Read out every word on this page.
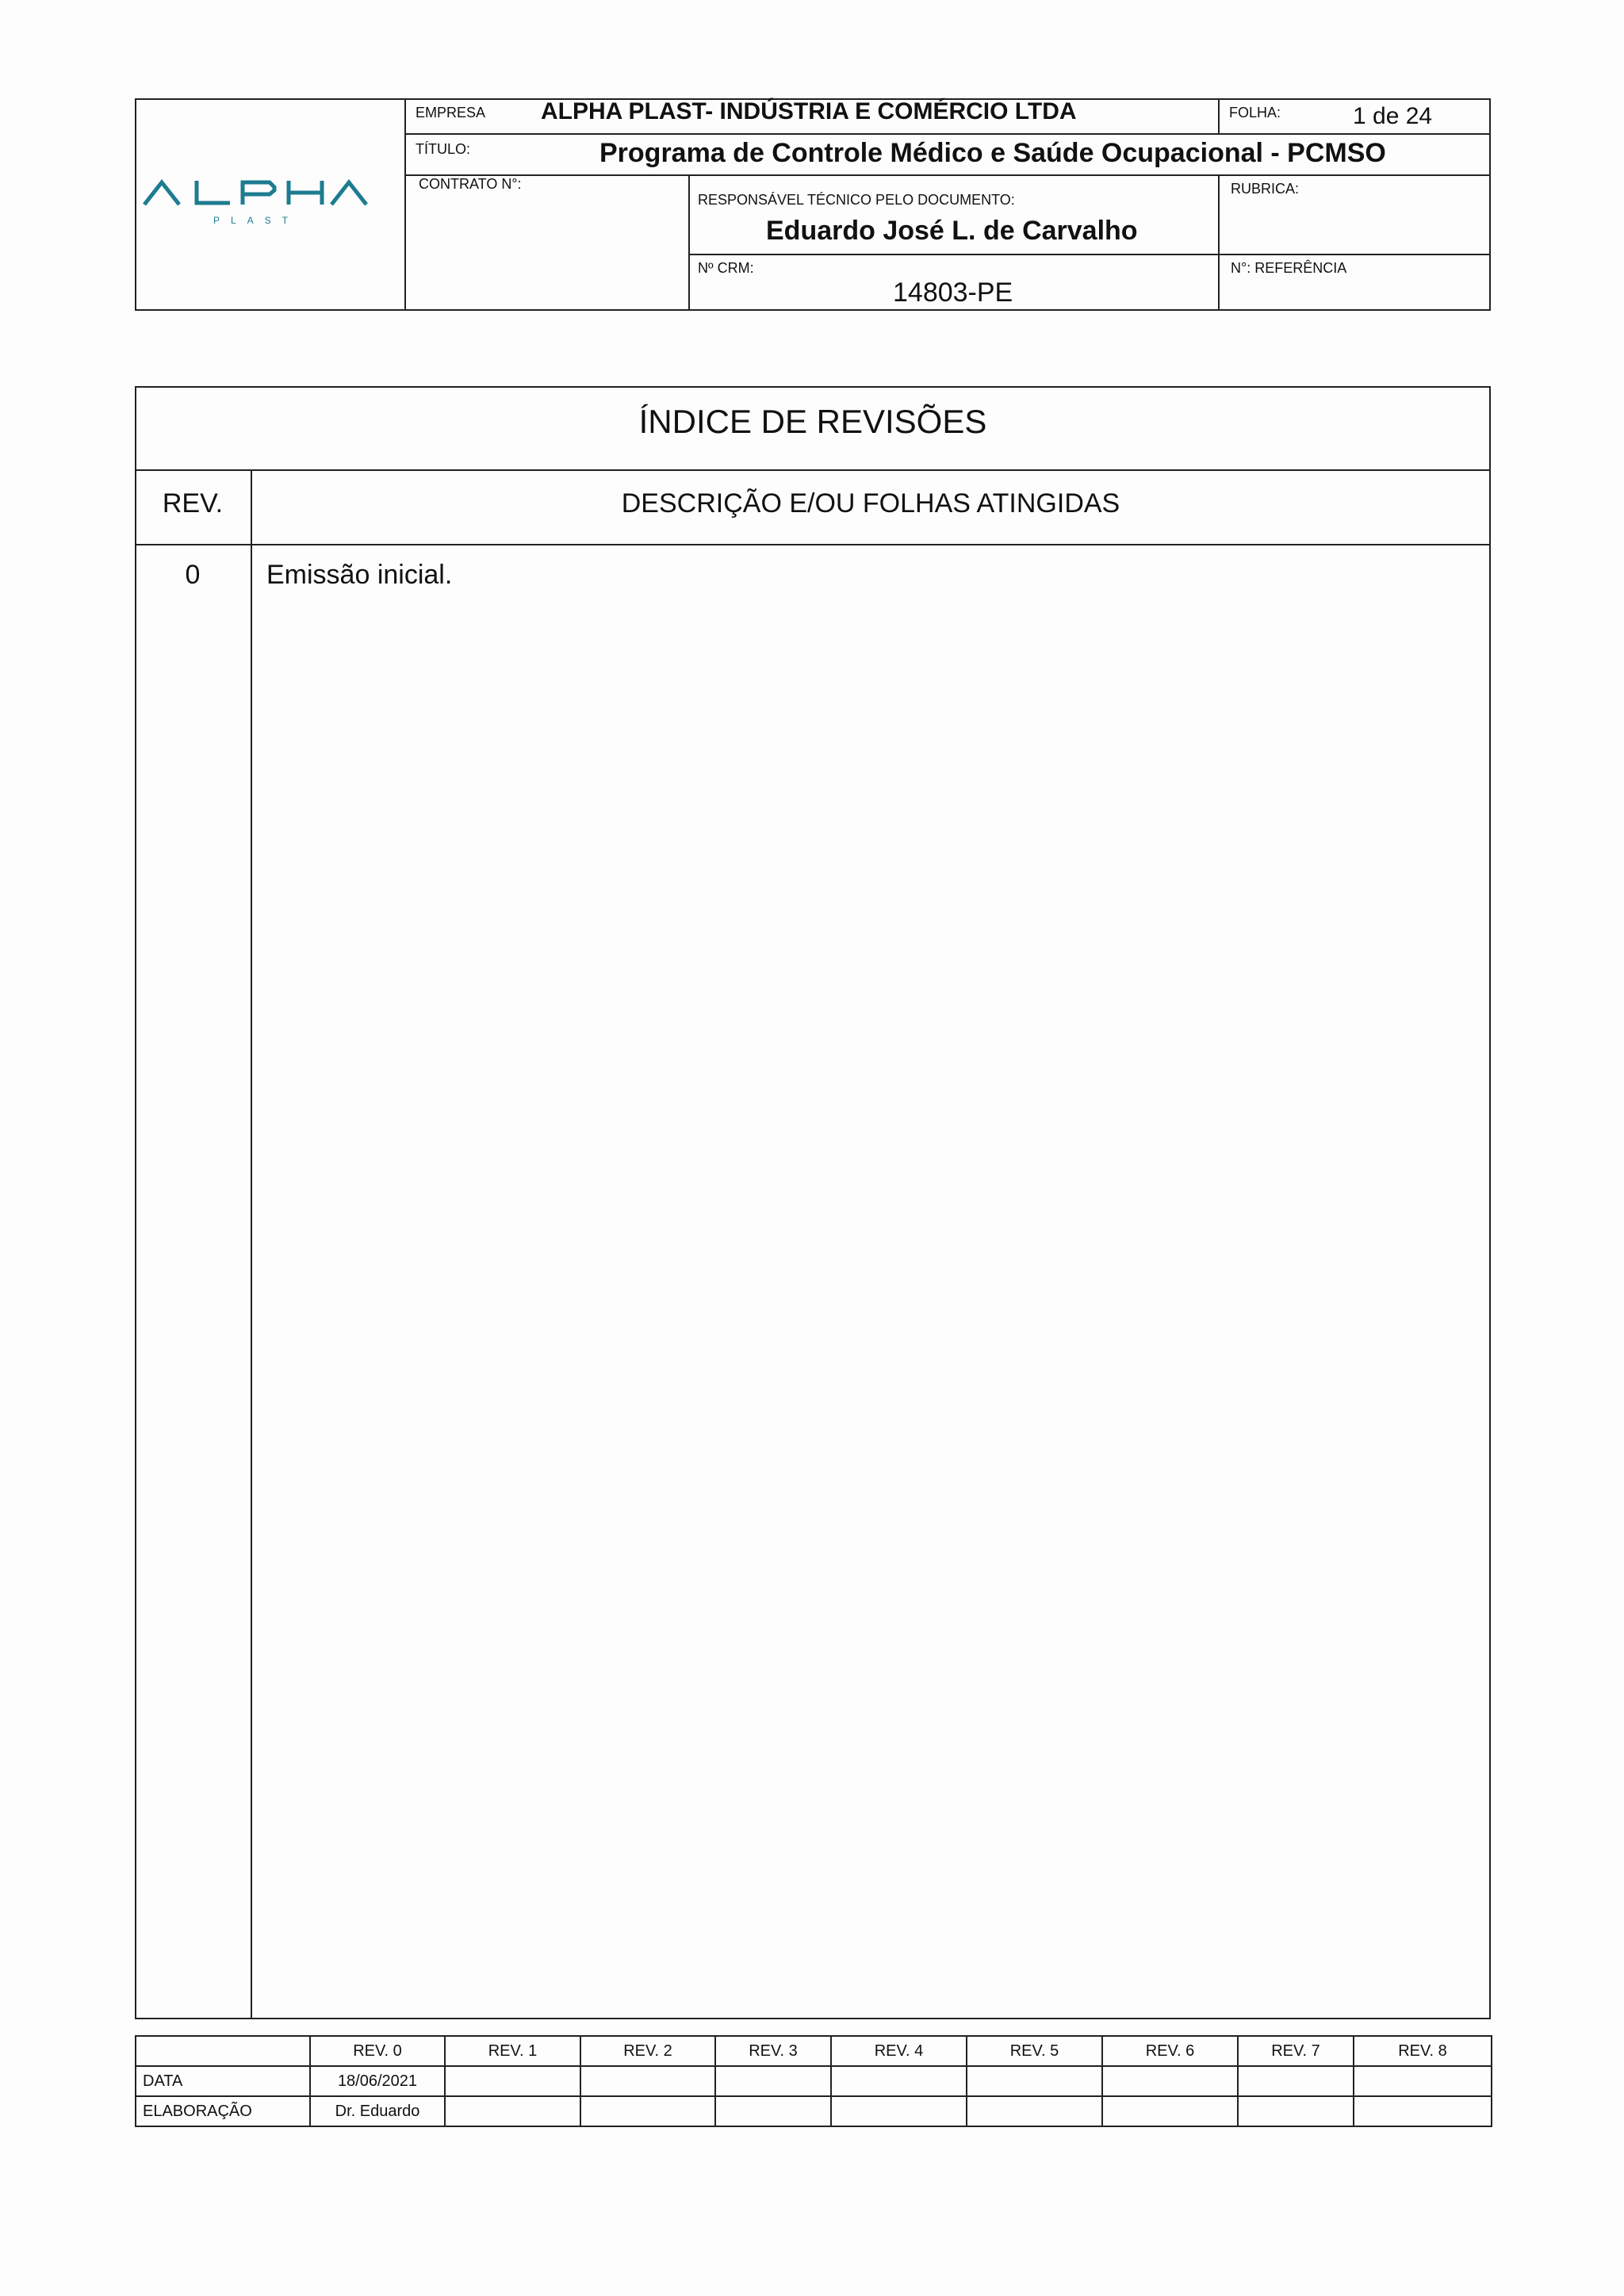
PLAST
EMPRESA ALPHA PLAST- INDÚSTRIA E COMÉRCIO LTDA	FOLHA:	1 de 24
TÍTULO:	Programa de Controle Médico e Saúde Ocupacional - PCMSO
CONTRATO N°:
RESPONSÁVEL TÉCNICO PELO DOCUMENTO:
Eduardo José L. de Carvalho
RUBRICA:
Nº CRM:
14803-PE
N°: REFERÊNCIA
ÍNDICE DE REVISÕES
REV.	DESCRIÇÃO E/OU FOLHAS ATINGIDAS
0	Emissão inicial.
	REV. 0	REV. 1	REV. 2	REV. 3	REV. 4	REV. 5	REV. 6	REV. 7	REV. 8
DATA	18/06/2021								
ELABORAÇÃO	Dr. Eduardo								
